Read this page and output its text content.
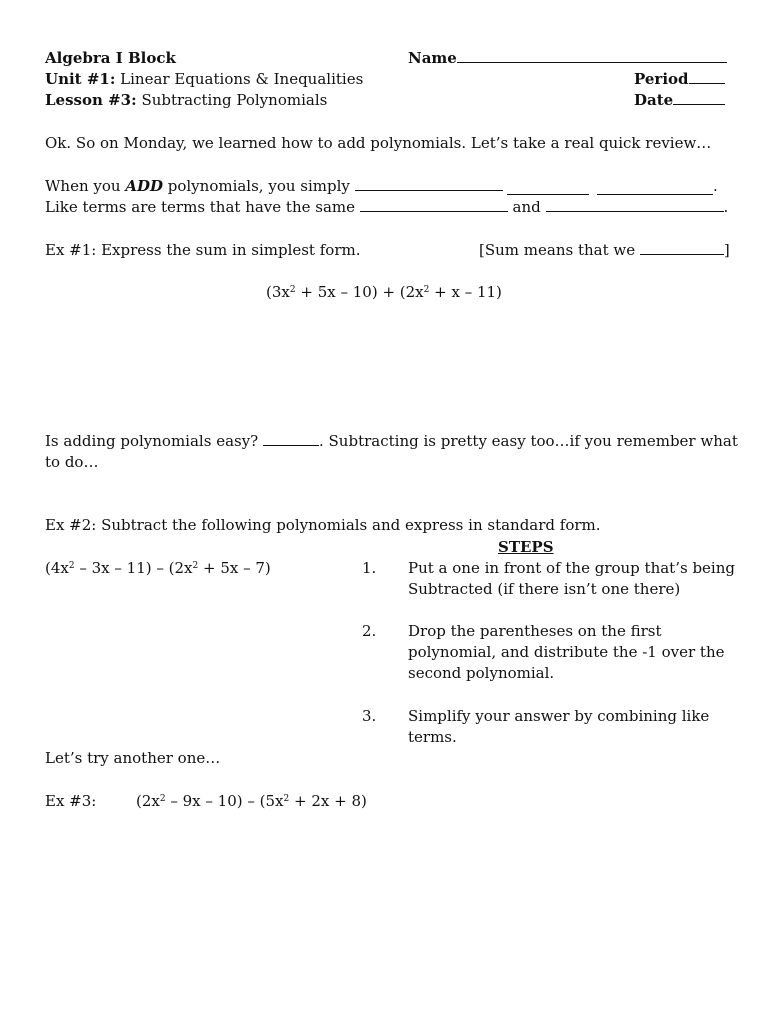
Algebra I Block
Unit #1: Linear Equations & Inequalities
Lesson #3: Subtracting Polynomials
Name
Period
Date
Ok. So on Monday, we learned how to add polynomials. Let’s take a real quick review…
When you ADD polynomials, you simply	.
Like terms are terms that have the same	and	.
Ex #1: Express the sum in simplest form.	[Sum means that we	]
$(3x^2 + 5x - 10) + (2x^2 + x - 11)$
Is adding polynomials easy?	. Subtracting is pretty easy too…if you remember what
to do…
Ex #2: Subtract the following polynomials and express in standard form.
STEPS
$(4x^2 - 3x - 11) - (2x^2 + 5x - 7)$	1. Put a one in front of the group that’s being
Subtracted (if there isn’t one there)
2. Drop the parentheses on the first
polynomial, and distribute the -1 over the
second polynomial.
3. Simplify your answer by combining like
terms.
Let’s try another one…
Ex #3:	$(2x^2 - 9x - 10) - (5x^2 + 2x + 8)$
